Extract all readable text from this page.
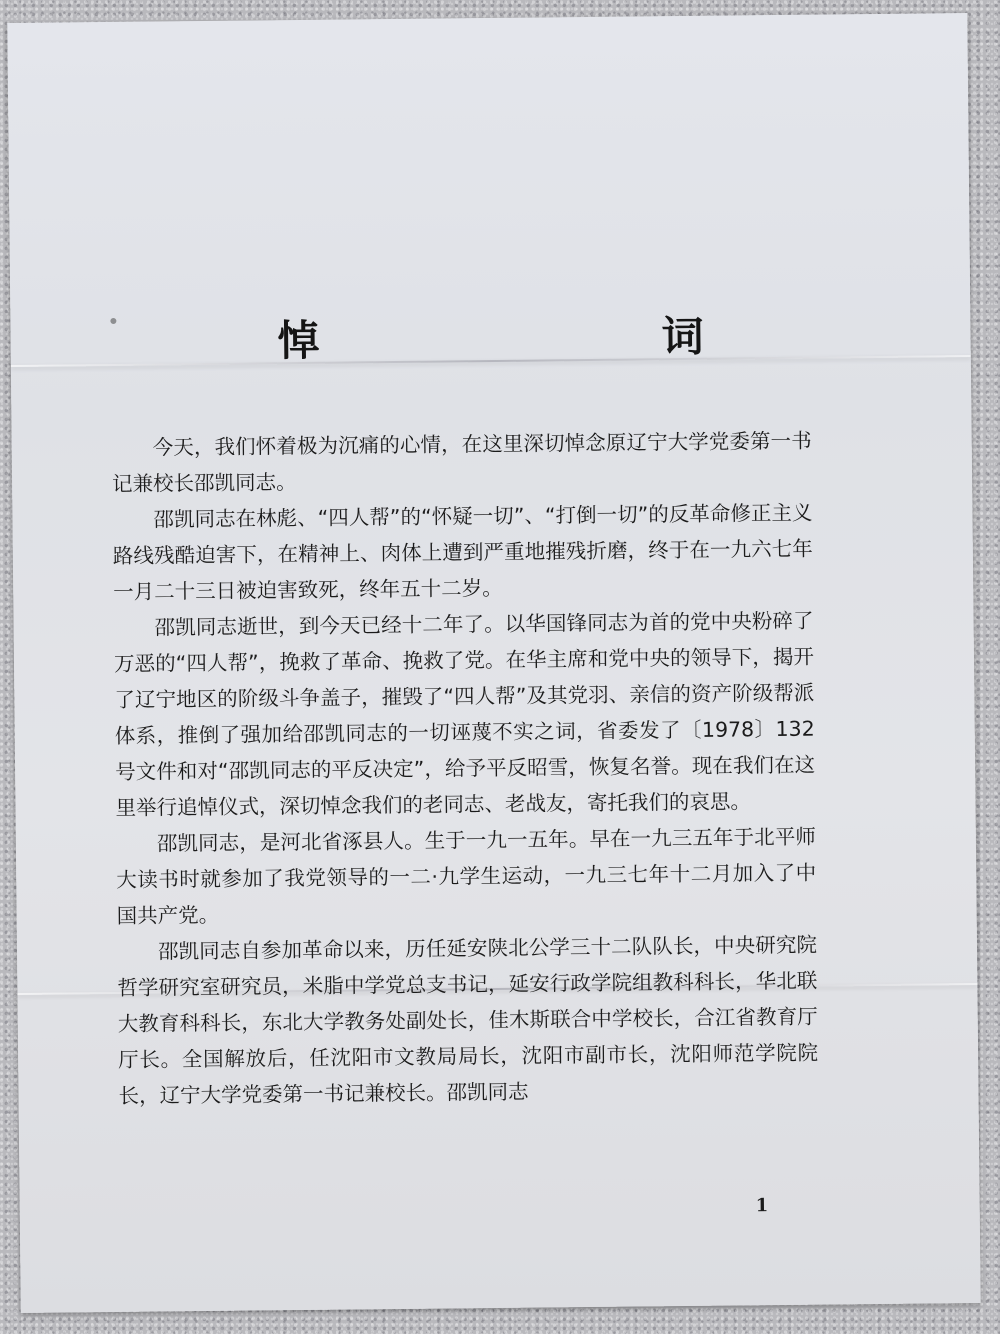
悼　词

今天，我们怀着极为沉痛的心情，在这里深切悼念原辽宁大学党委第一书记兼校长邵凯同志。

邵凯同志在林彪、“四人帮”的“怀疑一切”、“打倒一切”的反革命修正主义路线残酷迫害下，在精神上、肉体上遭到严重地摧残折磨，终于在一九六七年一月二十三日被迫害致死，终年五十二岁。

邵凯同志逝世，到今天已经十二年了。以华国锋同志为首的党中央粉碎了万恶的“四人帮”，挽救了革命、挽救了党。在华主席和党中央的领导下，揭开了辽宁地区的阶级斗争盖子，摧毁了“四人帮”及其党羽、亲信的资产阶级帮派体系，推倒了强加给邵凯同志的一切诬蔑不实之词，省委发了〔1978〕132号文件和对“邵凯同志的平反决定”，给予平反昭雪，恢复名誉。现在我们在这里举行追悼仪式，深切悼念我们的老同志、老战友，寄托我们的哀思。

邵凯同志，是河北省涿县人。生于一九一五年。早在一九三五年于北平师大读书时就参加了我党领导的一二·九学生运动，一九三七年十二月加入了中国共产党。

邵凯同志自参加革命以来，历任延安陕北公学三十二队队长，中央研究院哲学研究室研究员，米脂中学党总支书记，延安行政学院组教科科长，华北联大教育科科长，东北大学教务处副处长，佳木斯联合中学校长，合江省教育厅厅长。全国解放后，任沈阳市文教局局长，沈阳市副市长，沈阳师范学院院长，辽宁大学党委第一书记兼校长。邵凯同志

1
